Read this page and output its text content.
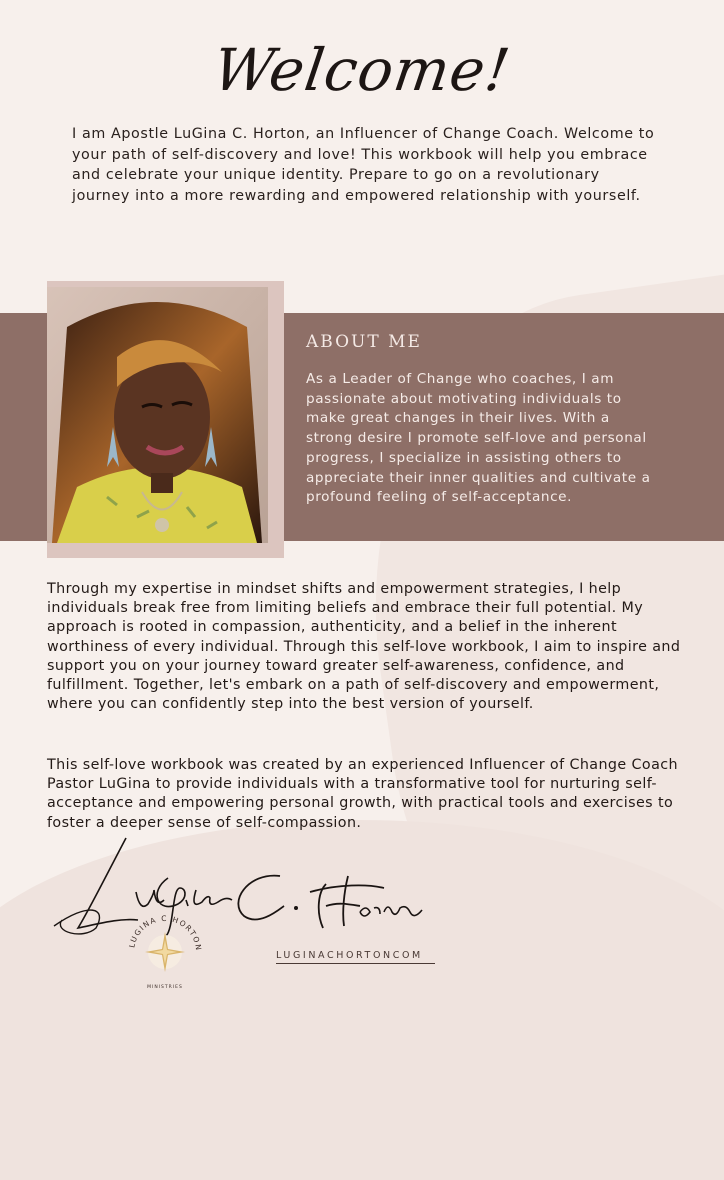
Welcome!

I am Apostle LuGina C. Horton, an Influencer of Change Coach. Welcome to your path of self-discovery and love! This workbook will help you embrace and celebrate your unique identity. Prepare to go on a revolutionary journey into a more rewarding and empowered relationship with yourself.

ABOUT ME

As a Leader of Change who coaches, I am passionate about motivating individuals to make great changes in their lives. With a strong desire I promote self-love and personal progress, I specialize in assisting others to appreciate their inner qualities and cultivate a profound feeling of self-acceptance.

Through my expertise in mindset shifts and empowerment strategies, I help individuals break free from limiting beliefs and embrace their full potential. My approach is rooted in compassion, authenticity, and a belief in the inherent worthiness of every individual. Through this self-love workbook, I aim to inspire and support you on your journey toward greater self-awareness, confidence, and fulfillment. Together, let's embark on a path of self-discovery and empowerment, where you can confidently step into the best version of yourself.

This self-love workbook was created by an experienced Influencer of Change Coach Pastor LuGina to provide individuals with a transformative tool for nurturing self-acceptance and empowering personal growth, with practical tools and exercises to foster a deeper sense of self-compassion.

LUGINA C HORTON
MINISTRIES

LUGINACHORTONCOM
